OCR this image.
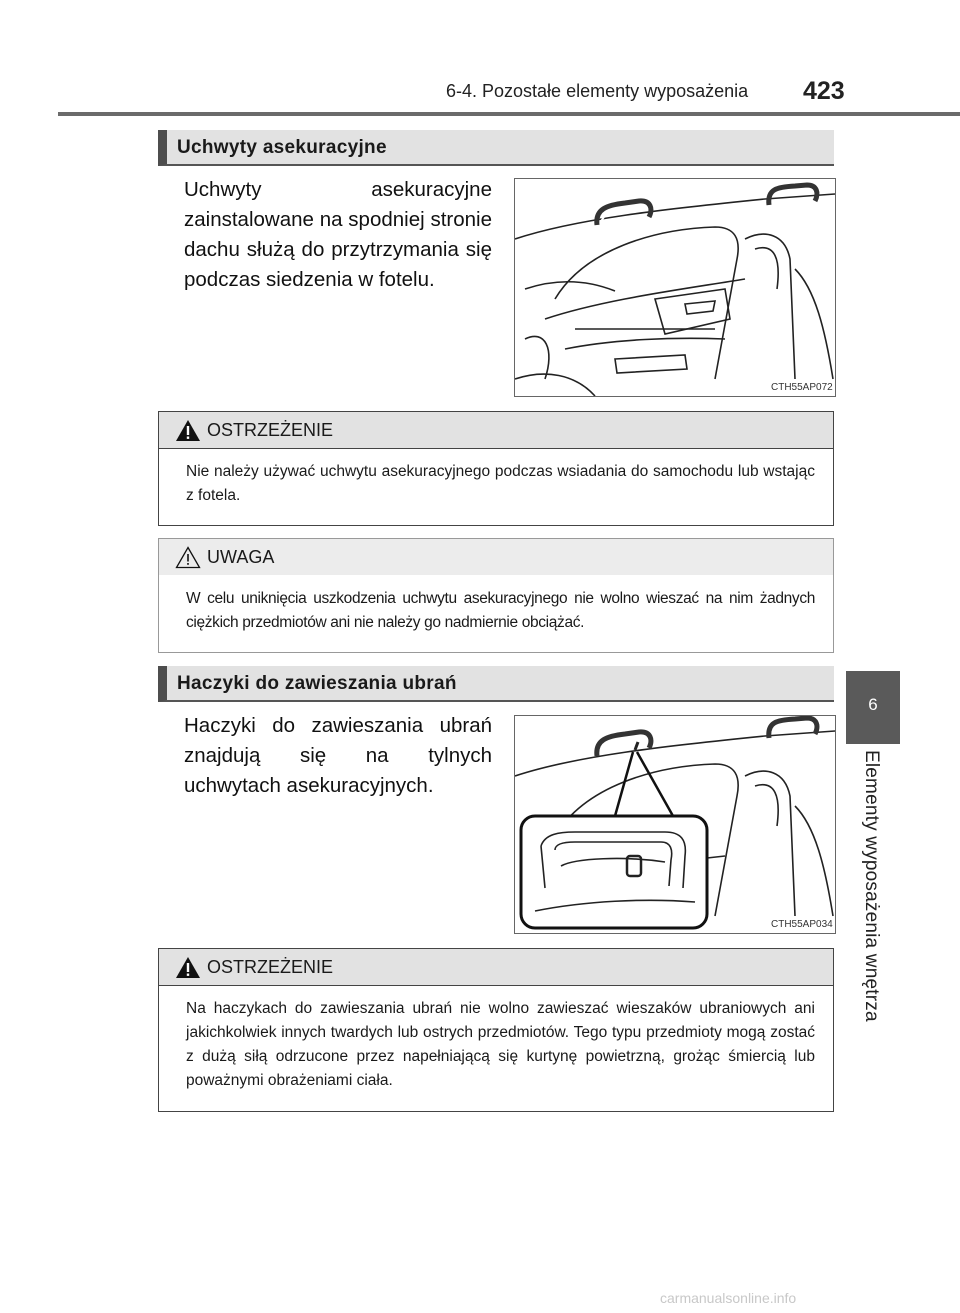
6-4. Pozostałe elementy wyposażenia 423
6
Elementy wyposażenia wnętrza
Uchwyty asekuracyjne
Uchwyty asekuracyjne zainstalowane na spodniej stronie dachu służą do przytrzymania się podczas siedzenia w fotelu.
CTH55AP072
OSTRZEŻENIE
Nie należy używać uchwytu asekuracyjnego podczas wsiadania do samochodu lub wstając z fotela.
UWAGA
W celu uniknięcia uszkodzenia uchwytu asekuracyjnego nie wolno wieszać na nim żadnych ciężkich przedmiotów ani nie należy go nadmiernie obciążać.
Haczyki do zawieszania ubrań
Haczyki do zawieszania ubrań znajdują się na tylnych uchwytach asekuracyjnych.
CTH55AP034
OSTRZEŻENIE
Na haczykach do zawieszania ubrań nie wolno zawieszać wieszaków ubraniowych ani jakichkolwiek innych twardych lub ostrych przedmiotów. Tego typu przedmioty mogą zostać z dużą siłą odrzucone przez napełniającą się kurtynę powietrzną, grożąc śmiercią lub poważnymi obrażeniami ciała.
carmanualsonline.info
